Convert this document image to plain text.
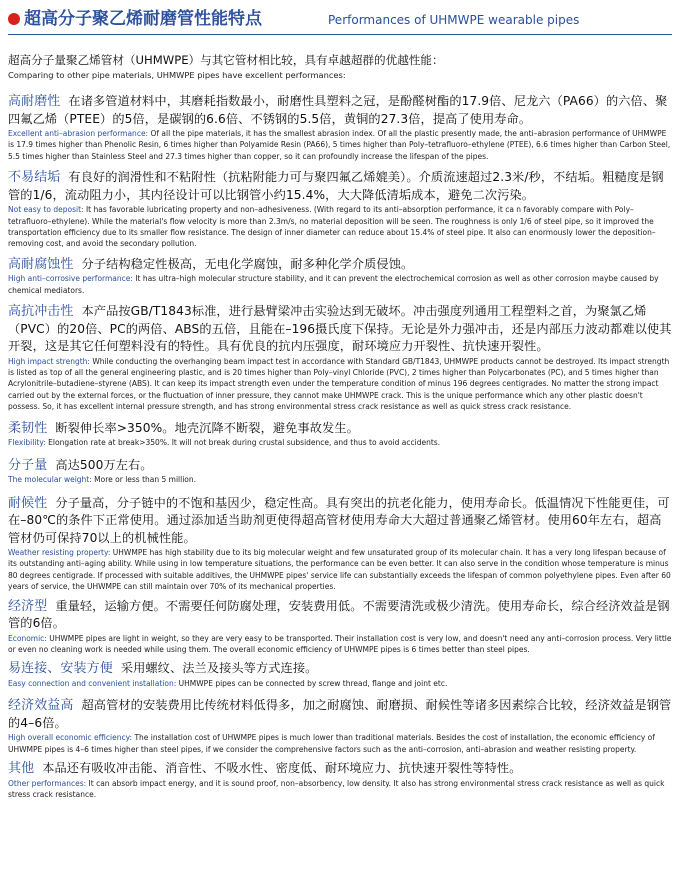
超高分子聚乙烯耐磨管性能特点	Performances of UHMWPE wearable pipes
超高分子量聚乙烯管材（UHMWPE）与其它管材相比较，具有卓越超群的优越性能：
Comparing to other pipe materials, UHMWPE pipes have excellent performances:
高耐磨性 在诸多管道材料中，其磨耗指数最小，耐磨性具塑料之冠，是酚醛树酯的17.9倍、尼龙六（PA66）的六倍、聚四氟乙烯（PTEE）的5倍，是碳钢的6.6倍、不锈钢的5.5倍，黄铜的27.3倍，提高了使用寿命。
Excellent anti–abrasion performance: Of all the pipe materials, it has the smallest abrasion index. Of all the plastic presently made, the anti–abrasion performance of UHMWPE is 17.9 times higher than Phenolic Resin, 6 times higher than Polyamide Resin (PA66), 5 times higher than Poly–tetrafluoro–ethylene (PTEE), 6.6 times higher than Carbon Steel, 5.5 times higher than Stainless Steel and 27.3 times higher than copper, so it can profoundly increase the lifespan of the pipes.
不易结垢 有良好的润滑性和不粘附性（抗粘附能力可与聚四氟乙烯媲美）。介质流速超过2.3米/秒，不结垢。粗糙度是钢管的1/6，流动阻力小，其内径设计可以比钢管小约15.4%，大大降低清垢成本，避免二次污染。
Not easy to deposit: It has favorable lubricating property and non–adhesiveness. (With regard to its anti–absorption performance, it ca n favorably compare with Poly–tetrafluoro–ethylene). While the material's flow velocity is more than 2.3m/s, no material deposition will be seen. The roughness is only 1/6 of steel pipe, so it improved the transportation efficiency due to its smaller flow resistance. The design of inner diameter can reduce about 15.4% of steel pipe. It also can enormously lower the deposition–removing cost, and avoid the secondary pollution.
高耐腐蚀性 分子结构稳定性极高，无电化学腐蚀，耐多种化学介质侵蚀。
High anti–corrosive performance: It has ultra–high molecular structure stability, and it can prevent the electrochemical corrosion as well as other corrosion maybe caused by chemical mediators.
高抗冲击性 本产品按GB/T1843标准，进行悬臂梁冲击实验达到无破坏。冲击强度列通用工程塑料之首，为聚氯乙烯（PVC）的20倍、PC的两倍、ABS的五倍，且能在–196摄氏度下保持。无论是外力强冲击，还是内部压力波动都难以使其开裂，这是其它任何塑料没有的特性。具有优良的抗内压强度，耐环境应力开裂性、抗快速开裂性。
High impact strength: While conducting the overhanging beam impact test in accordance with Standard GB/T1843, UHMWPE products cannot be destroyed. Its impact strength is listed as top of all the general engineering plastic, and is 20 times higher than Poly–vinyl Chloride (PVC), 2 times higher than Polycarbonates (PC), and 5 times higher than Acrylonitrile–butadiene–styrene (ABS). It can keep its impact strength even under the temperature condition of minus 196 degrees centigrades. No matter the strong impact carried out by the external forces, or the fluctuation of inner pressure, they cannot make UHMWPE crack. This is the unique performance which any other plastic doesn't possess. So, it has excellent internal pressure strength, and has strong environmental stress crack resistance as well as quick stress crack resistance.
柔韧性 断裂伸长率>350%。地壳沉降不断裂，避免事故发生。
Flexibility: Elongation rate at break>350%. It will not break during crustal subsidence, and thus to avoid accidents.
分子量 高达500万左右。
The molecular weight: More or less than 5 million.
耐候性 分子量高，分子链中的不饱和基因少，稳定性高。具有突出的抗老化能力，使用寿命长。低温情况下性能更佳，可在–80℃的条件下正常使用。通过添加适当助剂更使得超高管材使用寿命大大超过普通聚乙烯管材。使用60年左右，超高管材仍可保持70以上的机械性能。
Weather resisting property: UHWMPE has high stability due to its big molecular weight and few unsaturated group of its molecular chain. It has a very long lifespan because of its outstanding anti–aging ability. While using in low temperature situations, the performance can be even better. It can also serve in the condition whose temperature is minus 80 degrees centigrade. If processed with suitable additives, the UHMWPE pipes' service life can substantially exceeds the lifespan of common polyethylene pipes. Even after 60 years of service, the UHWMPE can still maintain over 70% of its mechanical properties.
经济型 重量轻，运输方便。不需要任何防腐处理，安装费用低。不需要清洗或极少清洗。使用寿命长，综合经济效益是钢管的6倍。
Economic: UHWMPE pipes are light in weight, so they are very easy to be transported. Their installation cost is very low, and doesn't need any anti–corrosion process. Very little or even no cleaning work is needed while using them. The overall economic efficiency of UHWMPE pipes is 6 times better than steel pipes.
易连接、安装方便 采用螺纹、法兰及接头等方式连接。
Easy connection and convenient installation: UHMWPE pipes can be connected by screw thread, flange and joint etc.
经济效益高 超高管材的安装费用比传统材料低得多，加之耐腐蚀、耐磨损、耐候性等诸多因素综合比较，经济效益是钢管的4–6倍。
High overall economic efficiency: The installation cost of UHWMPE pipes is much lower than traditional materials. Besides the cost of installation, the economic efficiency of UHWMPE pipes is 4–6 times higher than steel pipes, if we consider the comprehensive factors such as the anti–corrosion, anti–abrasion and weather resisting property.
其他 本品还有吸收冲击能、消音性、不吸水性、密度低、耐环境应力、抗快速开裂性等特性。
Other performances: It can absorb impact energy, and it is sound proof, non–absorbency, low density. It also has strong environmental stress crack resistance as well as quick stress crack resistance.
